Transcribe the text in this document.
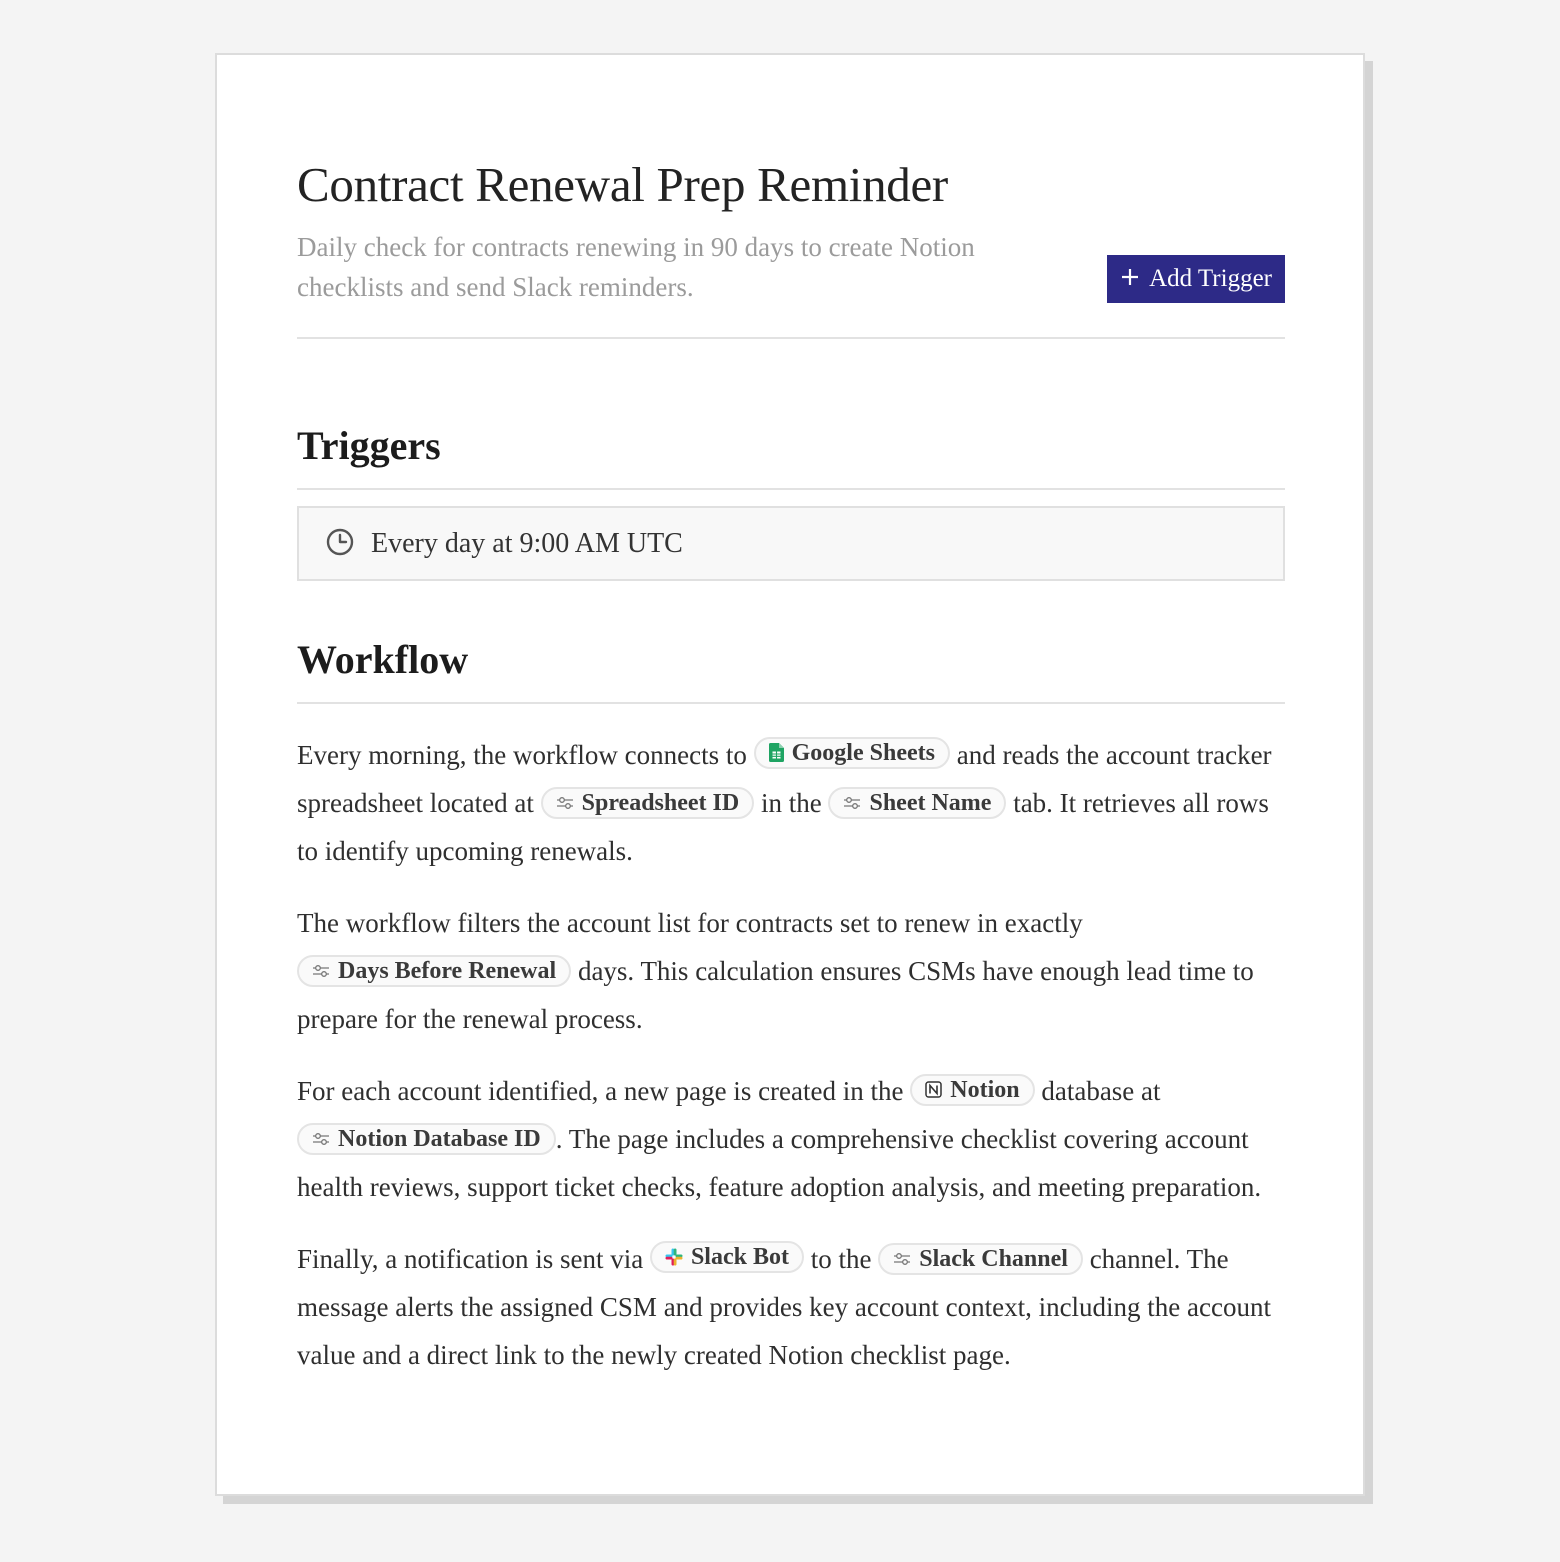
Contract Renewal Prep Reminder

Daily check for contracts renewing in 90 days to create Notion checklists and send Slack reminders.	Add Trigger
Triggers
Every day at 9:00 AM UTC
Workflow

Every morning, the workflow connects to Google Sheets and reads the account tracker spreadsheet located at Spreadsheet ID in the Sheet Name tab. It retrieves all rows to identify upcoming renewals.

The workflow filters the account list for contracts set to renew in exactly

Days Before Renewal days. This calculation ensures CSMs have enough lead time to prepare for the renewal process.

For each account identified, a new page is created in the Notion database at

Notion Database ID . The page includes a comprehensive checklist covering account health reviews, support ticket checks, feature adoption analysis, and meeting preparation.

Finally, a notification is sent via Slack Bot to the Slack Channel channel. The message alerts the assigned CSM and provides key account context, including the account value and a direct link to the newly created Notion checklist page.
